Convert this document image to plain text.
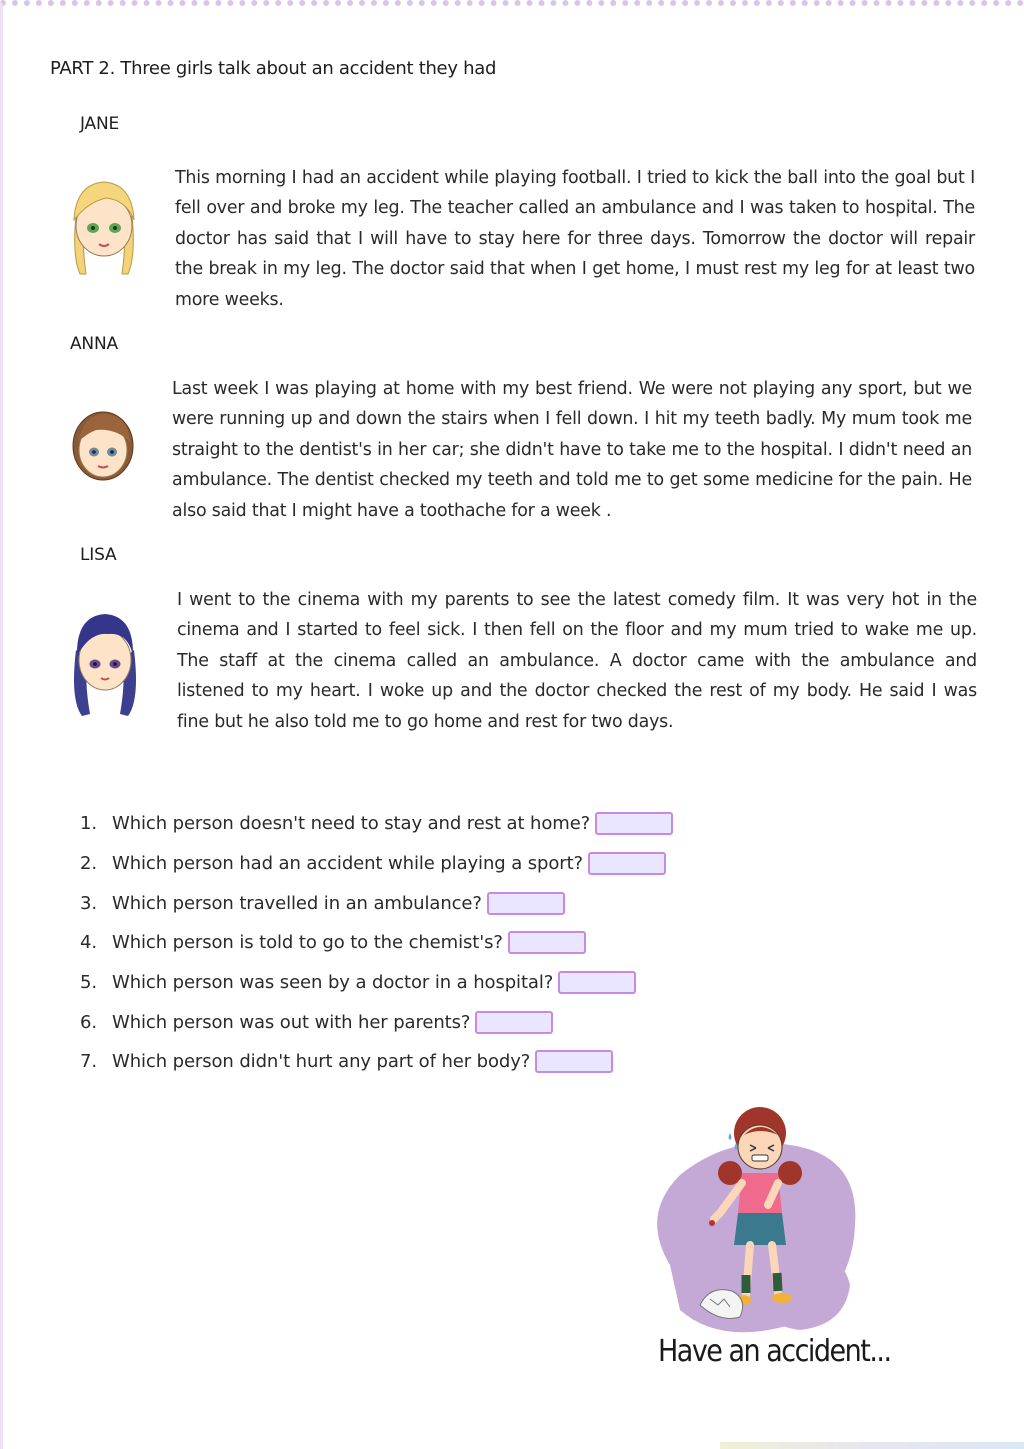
PART 2. Three girls talk about an accident they had
JANE
This morning I had an accident while playing football. I tried to kick the ball into the goal but I fell over and broke my leg. The teacher called an ambulance and I was taken to hospital. The doctor has said that I will have to stay here for three days. Tomorrow the doctor will repair the break in my leg. The doctor said that when I get home, I must rest my leg for at least two more weeks.
ANNA
Last week I was playing at home with my best friend. We were not playing any sport, but we were running up and down the stairs when I fell down. I hit my teeth badly. My mum took me straight to the dentist's in her car; she didn't have to take me to the hospital. I didn't need an ambulance. The dentist checked my teeth and told me to get some medicine for the pain. He also said that I might have a toothache for a week .
LISA
I went to the cinema with my parents to see the latest comedy film. It was very hot in the cinema and I started to feel sick. I then fell on the floor and my mum tried to wake me up. The staff at the cinema called an ambulance. A doctor came with the ambulance and listened to my heart. I woke up and the doctor checked the rest of my body. He said I was fine but he also told me to go home and rest for two days.
1. Which person doesn't need to stay and rest at home?
2. Which person had an accident while playing a sport?
3. Which person travelled in an ambulance?
4. Which person is told to go to the chemist's?
5. Which person was seen by a doctor in a hospital?
6. Which person was out with her parents?
7. Which person didn't hurt any part of her body?
Have an accident...
